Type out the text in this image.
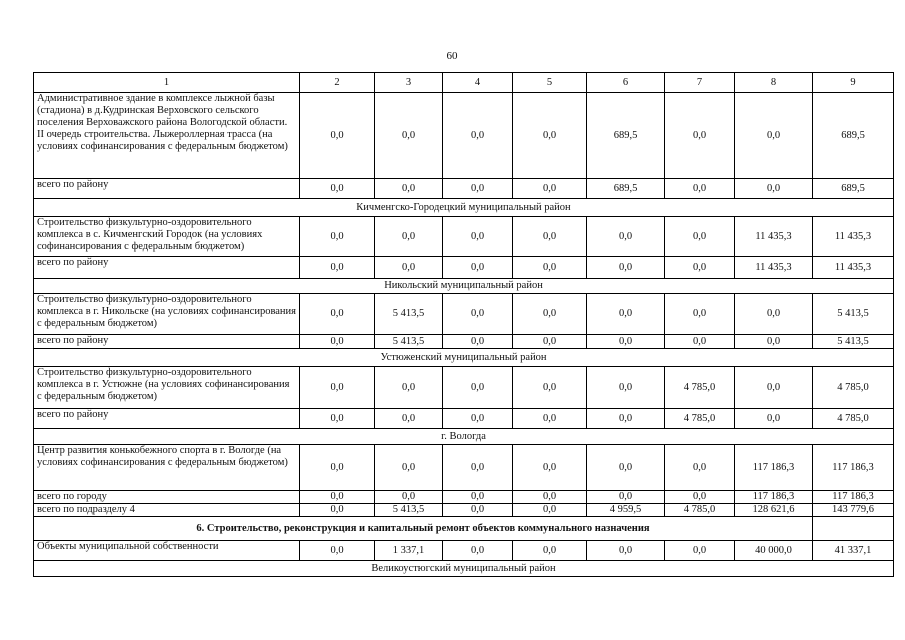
60
1	2	3	4	5	6	7	8	9
Административное здание в комплексе лыжной базы (стадиона) в д.Кудринская Верховского сельского поселения Верховажского района Вологодской области. II очередь строительства. Лыжероллерная трасса (на условиях софинансирования с федеральным бюджетом)	0,0	0,0	0,0	0,0	689,5	0,0	0,0	689,5
всего по району	0,0	0,0	0,0	0,0	689,5	0,0	0,0	689,5
Кичменгско-Городецкий муниципальный район								
Строительство физкультурно-оздоровительного комплекса в с. Кичменгский Городок (на условиях софинансирования с федеральным бюджетом)	0,0	0,0	0,0	0,0	0,0	0,0	11 435,3	11 435,3
всего по району	0,0	0,0	0,0	0,0	0,0	0,0	11 435,3	11 435,3
Никольский муниципальный район								
Строительство физкультурно-оздоровительного комплекса в г. Никольске (на условиях софинансирования с федеральным бюджетом)	0,0	5 413,5	0,0	0,0	0,0	0,0	0,0	5 413,5
всего по району	0,0	5 413,5	0,0	0,0	0,0	0,0	0,0	5 413,5
Устюженский муниципальный район								
Строительство физкультурно-оздоровительного комплекса в г. Устюжне (на условиях софинансирования с федеральным бюджетом)	0,0	0,0	0,0	0,0	0,0	4 785,0	0,0	4 785,0
всего по району	0,0	0,0	0,0	0,0	0,0	4 785,0	0,0	4 785,0
г. Вологда								
Центр развития конькобежного спорта в г. Вологде (на условиях софинансирования с федеральным бюджетом)	0,0	0,0	0,0	0,0	0,0	0,0	117 186,3	117 186,3
всего по городу	0,0	0,0	0,0	0,0	0,0	0,0	117 186,3	117 186,3
всего по подразделу 4	0,0	5 413,5	0,0	0,0	4 959,5	4 785,0	128 621,6	143 779,6
6. Строительство, реконструкция и капитальный ремонт объектов коммунального назначения								
Объекты муниципальной собственности	0,0	1 337,1	0,0	0,0	0,0	0,0	40 000,0	41 337,1
Великоустюгский муниципальный район								
